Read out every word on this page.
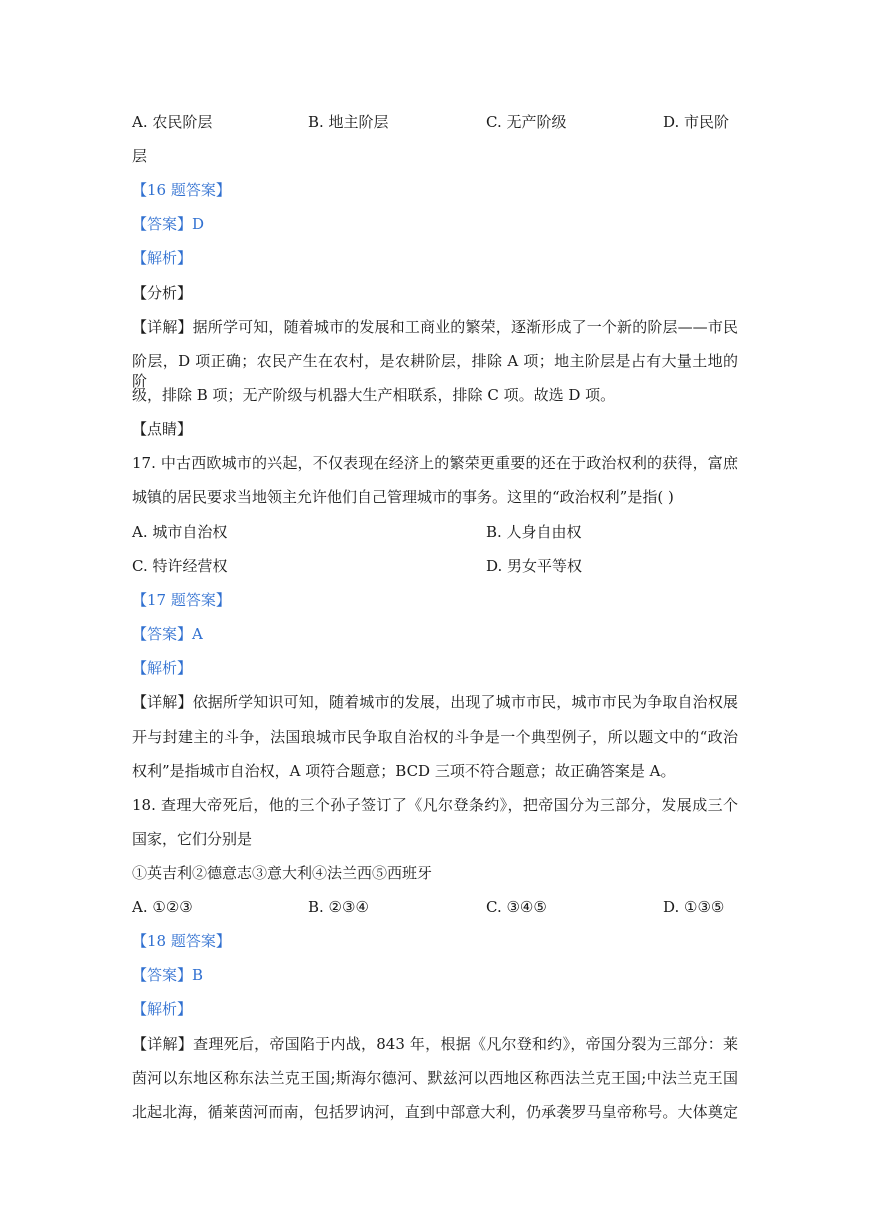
A. 农民阶层	B. 地主阶层	C. 无产阶级	D. 市民阶
层
【16 题答案】
【答案】D
【解析】
【分析】
【详解】据所学可知，随着城市的发展和工商业的繁荣，逐渐形成了一个新的阶层——市民
阶层，D 项正确；农民产生在农村，是农耕阶层，排除 A 项；地主阶层是占有大量土地的阶
级，排除 B 项；无产阶级与机器大生产相联系，排除 C 项。故选 D 项。
【点睛】
17. 中古西欧城市的兴起，不仅表现在经济上的繁荣更重要的还在于政治权利的获得，富庶
城镇的居民要求当地领主允许他们自己管理城市的事务。这里的“政治权利”是指( )
A. 城市自治权	B. 人身自由权
C. 特许经营权	D. 男女平等权
【17 题答案】
【答案】A
【解析】
【详解】依据所学知识可知，随着城市的发展，出现了城市市民，城市市民为争取自治权展
开与封建主的斗争，法国琅城市民争取自治权的斗争是一个典型例子，所以题文中的“政治
权利”是指城市自治权，A 项符合题意；BCD 三项不符合题意；故正确答案是 A。
18. 查理大帝死后，他的三个孙子签订了《凡尔登条约》，把帝国分为三部分，发展成三个
国家，它们分别是
①英吉利②德意志③意大利④法兰西⑤西班牙
A. ①②③	B. ②③④	C. ③④⑤	D. ①③⑤
【18 题答案】
【答案】B
【解析】
【详解】查理死后，帝国陷于内战，843 年，根据《凡尔登和约》，帝国分裂为三部分：莱
茵河以东地区称东法兰克王国;斯海尔德河、默兹河以西地区称西法兰克王国;中法兰克王国
北起北海，循莱茵河而南，包括罗讷河，直到中部意大利，仍承袭罗马皇帝称号。大体奠定
